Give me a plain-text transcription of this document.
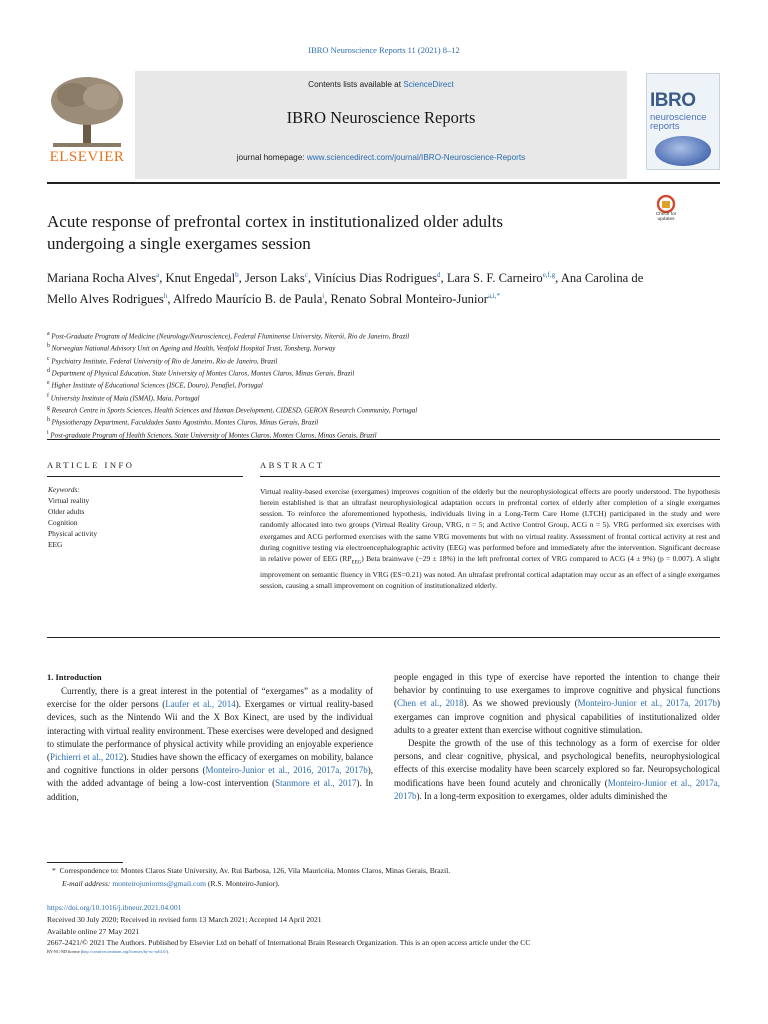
IBRO Neuroscience Reports 11 (2021) 8–12
ELSEVIER
Contents lists available at ScienceDirect
IBRO Neuroscience Reports
journal homepage: www.sciencedirect.com/journal/IBRO-Neuroscience-Reports
IBRO
neuroscience reports
Check for updates
Acute response of prefrontal cortex in institutionalized older adults
undergoing a single exergames session
Mariana Rocha Alves$^a$, Knut Engedal$^b$, Jerson Laks$^c$, Vinícius Dias Rodrigues$^d$, Lara S. F. Carneiro$^{e,f,g}$, Ana Carolina de Mello Alves Rodrigues$^h$, Alfredo Maurício B. de Paula$^i$, Renato Sobral Monteiro-Junior$^{a,i,*}$
$^a$ Post-Graduate Program of Medicine (Neurology/Neuroscience), Federal Fluminense University, Niterói, Rio de Janeiro, Brazil
$^b$ Norwegian National Advisory Unit on Ageing and Health, Vestfold Hospital Trust, Tonsberg, Norway
$^c$ Psychiatry Institute, Federal University of Rio de Janeiro, Rio de Janeiro, Brazil
$^d$ Department of Physical Education, State University of Montes Claros, Montes Claros, Minas Gerais, Brazil
$^e$ Higher Institute of Educational Sciences (ISCE, Douro), Penafiel, Portugal
$^f$ University Institute of Maia (ISMAI), Maia, Portugal
$^g$ Research Centre in Sports Sciences, Health Sciences and Human Development, CIDESD, GERON Research Community, Portugal
$^h$ Physiotherapy Department, Faculdades Santo Agostinho, Montes Claros, Minas Gerais, Brazil
$^i$ Post-graduate Program of Health Sciences, State University of Montes Claros, Montes Claros, Minas Gerais, Brazil
ARTICLE INFO	ABSTRACT
Keywords:
Virtual reality
Older adults
Cognition
Physical activity
EEG
Virtual reality-based exercise (exergames) improves cognition of the elderly but the neurophysiological effects are poorly understood. The hypothesis herein established is that an ultrafast neurophysiological adaptation occurs in prefrontal cortex of elderly after completion of a single exergames session. To reinforce the aforementioned hypothesis, individuals living in a Long-Term Care Home (LTCH) participated in the study and were randomly allocated into two groups (Virtual Reality Group, VRG, n = 5; and Active Control Group, ACG n = 5). VRG performed six exercises with exergames and ACG performed exercises with the same VRG movements but with no virtual reality. Assessment of frontal cortical activity at rest and during cognitive testing via electroencephalographic activity (EEG) was performed before and immediately after the intervention. Significant decrease in relative power of EEG $(RP_{EEG})$ Beta brainwave (−29 ± 18%) in the left prefrontal cortex of VRG compared to ACG (4 ± 9%) (p = 0.007). A slight improvement on semantic fluency in VRG (ES=0.21) was noted. An ultrafast prefrontal cortical adaptation may occur as an effect of a single exergames session, causing a small improvement on cognition of institutionalized elderly.
1. Introduction

Currently, there is a great interest in the potential of “exergames” as a modality of exercise for the older persons (Laufer et al., 2014). Exergames or virtual reality-based devices, such as the Nintendo Wii and the X Box Kinect, are used by the individual interacting with virtual reality environment. These exercises were developed and designed to stimulate the performance of physical activity while providing an enjoyable experience (Pichierri et al., 2012). Studies have shown the efficacy of exergames on mobility, balance and cognitive functions in older persons (Monteiro-Junior et al., 2016, 2017a, 2017b), with the added advantage of being a low-cost intervention (Stanmore et al., 2017). In addition,

people engaged in this type of exercise have reported the intention to change their behavior by continuing to use exergames to improve cognitive and physical functions (Chen et al., 2018). As we showed previously (Monteiro-Junior et al., 2017a, 2017b) exergames can improve cognition and physical capabilities of institutionalized older adults to a greater extent than exercise without cognitive stimulation.

Despite the growth of the use of this technology as a form of exercise for older persons, and clear cognitive, physical, and psychological benefits, neurophysiological effects of this exercise modality have been scarcely explored so far. Neuropsychological modifications have been found acutely and chronically (Monteiro-Junior et al., 2017a, 2017b). In a long-term exposition to exergames, older adults diminished the

*  Correspondence to: Montes Claros State University, Av. Rui Barbosa, 126, Vila Mauricéia, Montes Claros, Minas Gerais, Brazil.
E-mail address: monteirojuniorms@gmail.com (R.S. Monteiro-Junior).
https://doi.org/10.1016/j.ibneur.2021.04.001
Received 30 July 2020; Received in revised form 13 March 2021; Accepted 14 April 2021
Available online 27 May 2021
2667-2421/© 2021 The Authors. Published by Elsevier Ltd on behalf of International Brain Research Organization. This is an open access article under the CC
BY-NC-ND license (http://creativecommons.org/licenses/by-nc-nd/4.0/).
